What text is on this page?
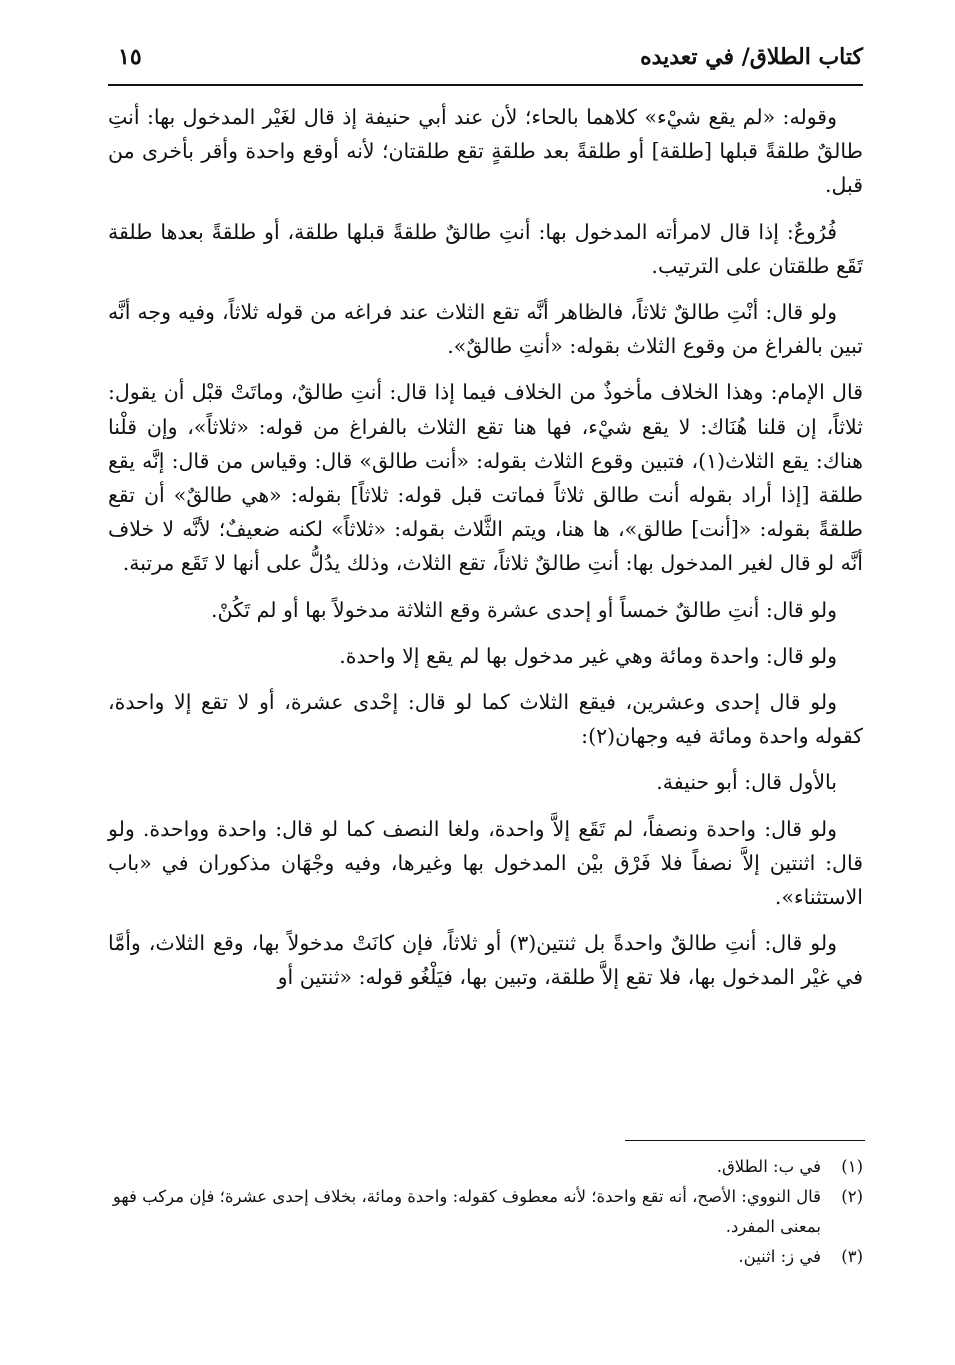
كتاب الطلاق/ في تعديده
١٥

وقوله: «لم يقع شيْء» كلاهما بالحاء؛ لأن عند أبي حنيفة إذ قال لغَيْر المدخول بها: أنتِ طالقٌ طلقةً قبلها [طلقة] أو طلقةً بعد طلقةٍ تقع طلقتان؛ لأنه أوقع واحدة وأقر بأخرى من قبل.

فُرُوعٌ: إذا قال لامرأته المدخول بها: أنتِ طالقٌ طلقةً قبلها طلقة، أو طلقةً بعدها طلقة تَقَع طلقتان على الترتيب.

ولو قال: أنْتِ طالقٌ ثلاثاً، فالظاهر أنَّه تقع الثلاث عند فراغه من قوله ثلاثاً، وفيه وجه أنَّه تبين بالفراغ من وقوع الثلاث بقوله: «أنتِ طالقٌ».

قال الإمام: وهذا الخلاف مأخوذٌ من الخلاف فيما إذا قال: أنتِ طالقٌ، وماتَتْ قبْل أن يقول: ثلاثاً، إن قلنا هُنَاك: لا يقع شيْء، فها هنا تقع الثلاث بالفراغ من قوله: «ثلاثاً»، وإن قلْنا هناك: يقع الثلاث(١)، فتبين وقوع الثلاث بقوله: «أنت طالق» قال: وقياس من قال: إنَّه يقع طلقة [إذا أراد بقوله أنت طالق ثلاثاً فماتت قبل قوله: ثلاثاً] بقوله: «هي طالقٌ» أن تقع طلقةً بقوله: «[أنت] طالق»، ها هنا، ويتم الثَّلاث بقوله: «ثلاثاً» لكنه ضعيفٌ؛ لأنَّه لا خلاف أنَّه لو قال لغير المدخول بها: أنتِ طالقٌ ثلاثاً، تقع الثلاث، وذلك يدُلُّ على أنها لا تَقَع مرتبة.

ولو قال: أنتِ طالقٌ خمساً أو إحدى عشرة وقع الثلاثة مدخولاً بها أو لم تَكُنْ.

ولو قال: واحدة ومائة وهي غير مدخول بها لم يقع إلا واحدة.

ولو قال إحدى وعشرين، فيقع الثلاث كما لو قال: إحْدى عشرة، أو لا تقع إلا واحدة، كقوله واحدة ومائة فيه وجهان(٢):

بالأول قال: أبو حنيفة.

ولو قال: واحدة ونصفاً، لم تَقَع إلاَّ واحدة، ولغا النصف كما لو قال: واحدة وواحدة. ولو قال: اثنتين إلاَّ نصفاً فلا فَرْق بيْن المدخول بها وغيرها، وفيه وجْهَان مذكوران في «باب الاستثناء».

ولو قال: أنتِ طالقٌ واحدةً بل ثنتين(٣) أو ثلاثاً، فإن كانَتْ مدخولاً بها، وقع الثلاث، وأمَّا في غيْر المدخول بها، فلا تقع إلاَّ طلقة، وتبين بها، فيَلْغُو قوله: «ثنتين أو

(١)
في ب: الطلاق.

(٢)
قال النووي: الأصح، أنه تقع واحدة؛ لأنه معطوف كقوله: واحدة ومائة، بخلاف إحدى عشرة؛ فإن مركب فهو بمعنى المفرد.

(٣)
في ز: اثنين.
